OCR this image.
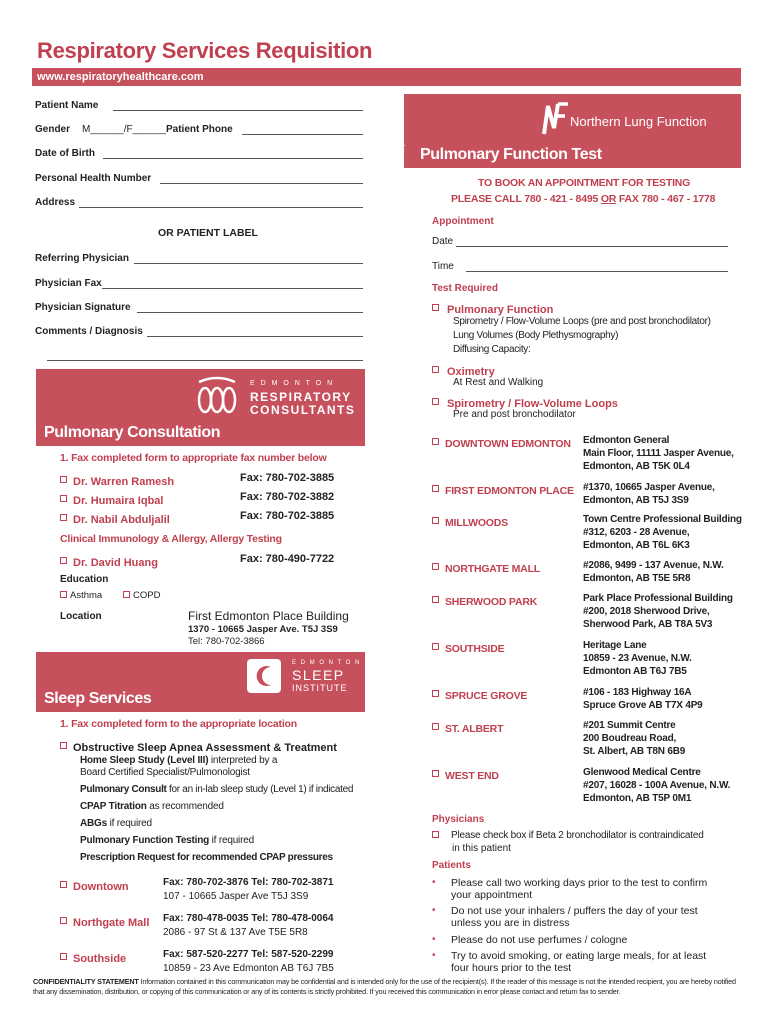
Respiratory Services Requisition
www.respiratoryhealthcare.com
Patient Name
Gender M______/F______ Patient Phone
Date of Birth
Personal Health Number
Address
OR PATIENT LABEL
Referring Physician
Physician Fax
Physician Signature
Comments / Diagnosis
E D M O N T O N
RESPIRATORY
CONSULTANTS
Pulmonary Consultation
1. Fax completed form to appropriate fax number below
Dr. Warren Ramesh	Fax: 780-702-3885
Dr. Humaira Iqbal	Fax: 780-702-3882
Dr. Nabil Abduljalil	Fax: 780-702-3885
Clinical Immunology & Allergy, Allergy Testing
Dr. David Huang	Fax: 780-490-7722
Education
Asthma	COPD
Location	First Edmonton Place Building
1370 - 10665 Jasper Ave. T5J 3S9
Tel: 780-702-3866
E D M O N T O N
SLEEP
INSTITUTE
Sleep Services
1. Fax completed form to the appropriate location
Obstructive Sleep Apnea Assessment & Treatment
Home Sleep Study (Level III) interpreted by a
Board Certified Specialist/Pulmonologist
Pulmonary Consult for an in-lab sleep study (Level 1) if indicated
CPAP Titration as recommended
ABGs if required
Pulmonary Function Testing if required
Prescription Request for recommended CPAP pressures
Downtown	Fax: 780-702-3876 Tel: 780-702-3871
107 - 10665 Jasper Ave T5J 3S9
Northgate Mall Fax: 780-478-0035 Tel: 780-478-0064
2086 - 97 St & 137 Ave T5E 5R8
Southside	Fax: 587-520-2277 Tel: 587-520-2299
10859 - 23 Ave Edmonton AB T6J 7B5
Northern Lung Function
Pulmonary Function Test
TO BOOK AN APPOINTMENT FOR TESTING
PLEASE CALL 780 - 421 - 8495 OR FAX 780 - 467 - 1778
Appointment
Date
Time
Test Required
Pulmonary Function
Spirometry / Flow-Volume Loops (pre and post bronchodilator)
Lung Volumes (Body Plethysmography)
Diffusing Capacity:
Oximetry
At Rest and Walking
Spirometry / Flow-Volume Loops
Pre and post bronchodilator
DOWNTOWN EDMONTON Edmonton General
Main Floor, 11111 Jasper Avenue,
Edmonton, AB T5K 0L4
FIRST EDMONTON PLACE #1370, 10665 Jasper Avenue,
Edmonton, AB T5J 3S9
MILLWOODS	Town Centre Professional Building
#312, 6203 - 28 Avenue,
Edmonton, AB T6L 6K3
NORTHGATE MALL	#2086, 9499 - 137 Avenue, N.W.
Edmonton, AB T5E 5R8
SHERWOOD PARK	Park Place Professional Building
#200, 2018 Sherwood Drive,
Sherwood Park, AB T8A 5V3
SOUTHSIDE	Heritage Lane
10859 - 23 Avenue, N.W.
Edmonton AB T6J 7B5
SPRUCE GROVE	#106 - 183 Highway 16A
Spruce Grove AB T7X 4P9
ST. ALBERT	#201 Summit Centre
200 Boudreau Road,
St. Albert, AB T8N 6B9
WEST END	Glenwood Medical Centre
#207, 16028 - 100A Avenue, N.W.
Edmonton, AB T5P 0M1
Physicians
Please check box if Beta 2 bronchodilator is contraindicated
in this patient
Patients
• Please call two working days prior to the test to confirm
your appointment
• Do not use your inhalers / puffers the day of your test
unless you are in distress
• Please do not use perfumes / cologne
• Try to avoid smoking, or eating large meals, for at least
four hours prior to the test
CONFIDENTIALITY STATEMENT Information contained in this communication may be confidential and is intended only for the use of the recipient(s). If the reader of this message is not the intended recipient, you are hereby notified that any dissemination, distribution, or copying of this communication or any of its contents is strictly prohibited. If you received this communication in error please contact and return fax to sender.
